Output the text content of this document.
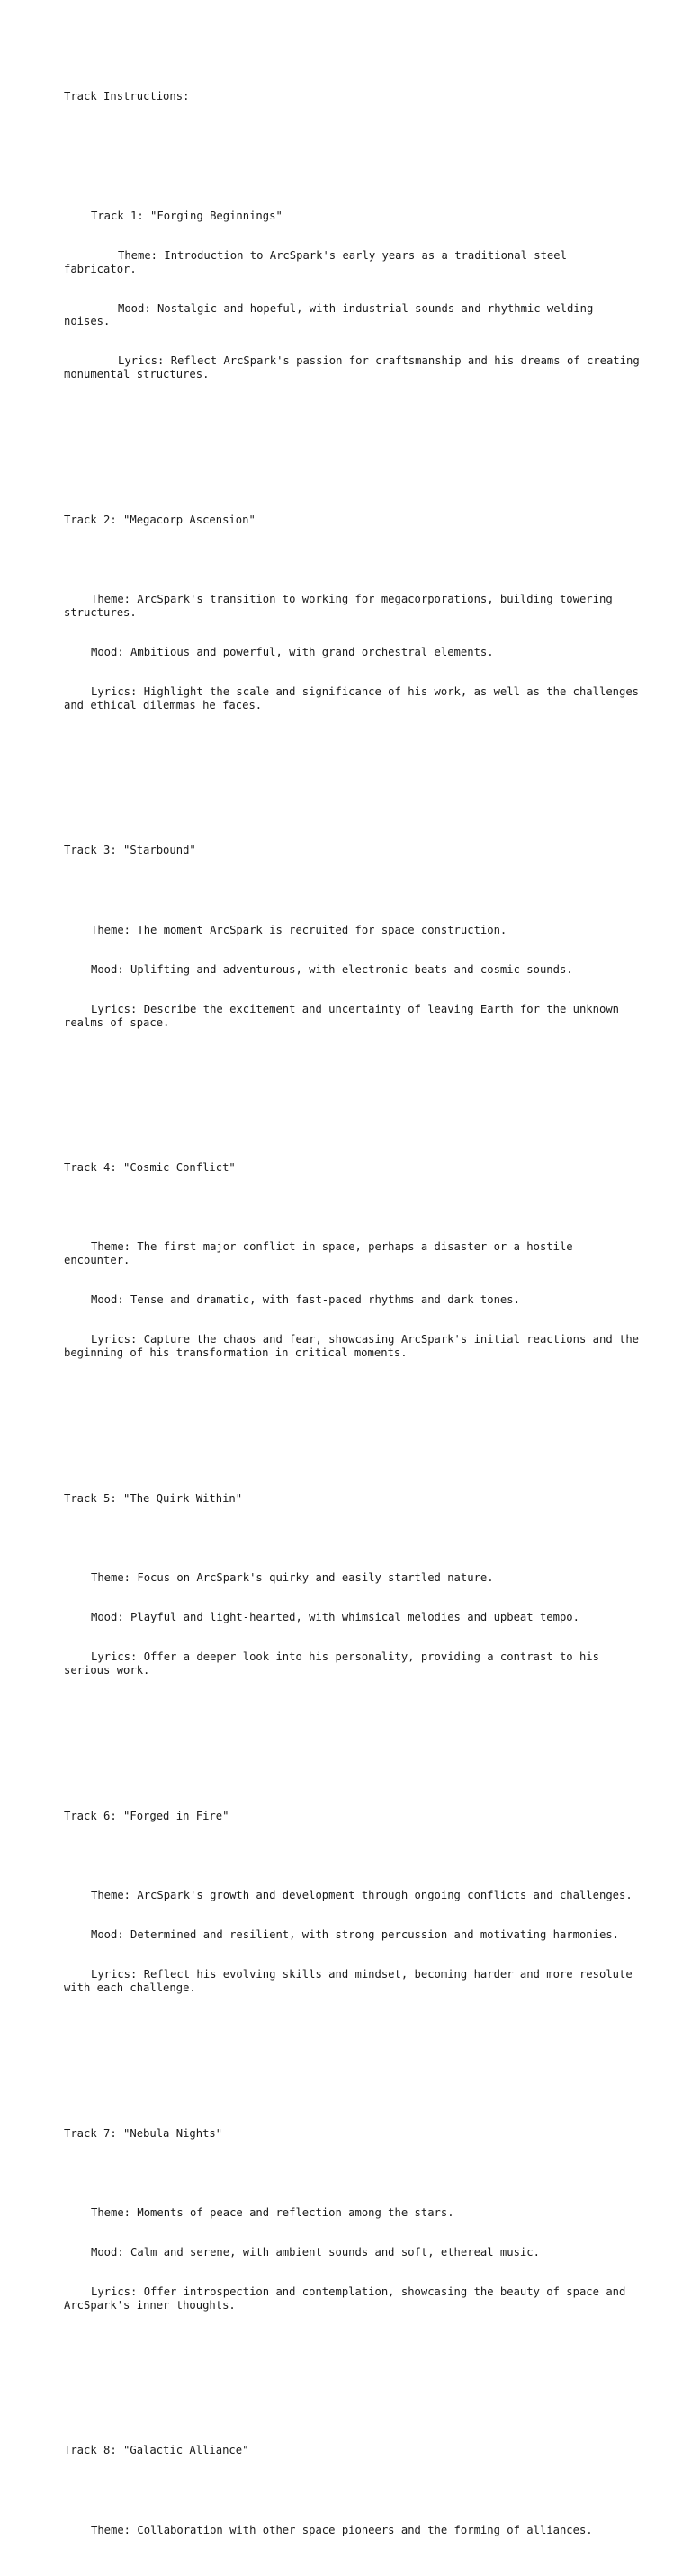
Track Instructions:

Track 1: "Forging Beginnings"

Theme: Introduction to ArcSpark's early years as a traditional steel fabricator.

Mood: Nostalgic and hopeful, with industrial sounds and rhythmic welding noises.

Lyrics: Reflect ArcSpark's passion for craftsmanship and his dreams of creating monumental structures.

Track 2: "Megacorp Ascension"

Theme: ArcSpark's transition to working for megacorporations, building towering structures.

Mood: Ambitious and powerful, with grand orchestral elements.

Lyrics: Highlight the scale and significance of his work, as well as the challenges and ethical dilemmas he faces.

Track 3: "Starbound"

Theme: The moment ArcSpark is recruited for space construction.

Mood: Uplifting and adventurous, with electronic beats and cosmic sounds.

Lyrics: Describe the excitement and uncertainty of leaving Earth for the unknown realms of space.

Track 4: "Cosmic Conflict"

Theme: The first major conflict in space, perhaps a disaster or a hostile encounter.

Mood: Tense and dramatic, with fast-paced rhythms and dark tones.

Lyrics: Capture the chaos and fear, showcasing ArcSpark's initial reactions and the beginning of his transformation in critical moments.

Track 5: "The Quirk Within"

Theme: Focus on ArcSpark's quirky and easily startled nature.

Mood: Playful and light-hearted, with whimsical melodies and upbeat tempo.

Lyrics: Offer a deeper look into his personality, providing a contrast to his serious work.

Track 6: "Forged in Fire"

Theme: ArcSpark's growth and development through ongoing conflicts and challenges.

Mood: Determined and resilient, with strong percussion and motivating harmonies.

Lyrics: Reflect his evolving skills and mindset, becoming harder and more resolute with each challenge.

Track 7: "Nebula Nights"

Theme: Moments of peace and reflection among the stars.

Mood: Calm and serene, with ambient sounds and soft, ethereal music.

Lyrics: Offer introspection and contemplation, showcasing the beauty of space and ArcSpark's inner thoughts.

Track 8: "Galactic Alliance"

Theme: Collaboration with other space pioneers and the forming of alliances.
